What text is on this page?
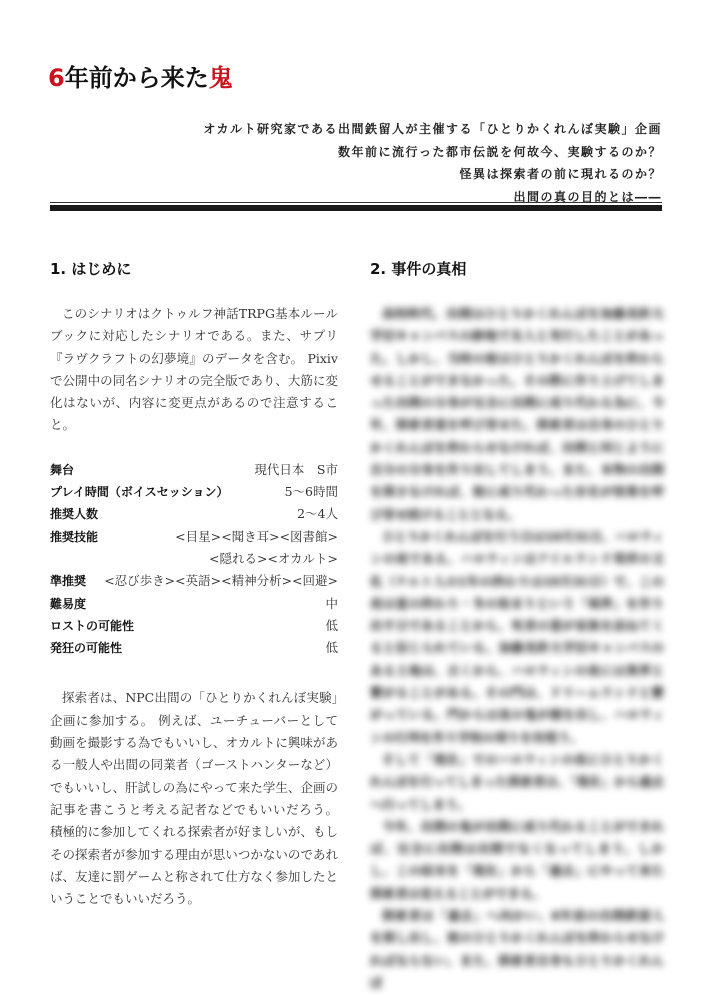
6年前から来た鬼
オカルト研究家である出間鉄留人が主催する「ひとりかくれんぼ実験」企画
数年前に流行った都市伝説を何故今、実験するのか？
怪異は探索者の前に現れるのか？
出間の真の目的とは――
1. はじめに

このシナリオはクトゥルフ神話TRPG基本ルールブックに対応したシナリオである。また、サプリ『ラヴクラフトの幻夢境』のデータを含む。 Pixivで公開中の同名シナリオの完全版であり、大筋に変化はないが、内容に変更点があるので注意すること。

舞台	現代日本　S市
プレイ時間（ボイスセッション）	5〜6時間
推奨人数	2〜4人
推奨技能	<目星><聞き耳><図書館>
<隠れる><オカルト>
準推奨 <忍び歩き><英語><精神分析><回避>
難易度	中
ロストの可能性	低
発狂の可能性	低

探索者は、NPC出間の「ひとりかくれんぼ実験」企画に参加する。 例えば、ユーチューバーとして動画を撮影する為でもいいし、オカルトに興味がある一般人や出間の同業者（ゴーストハンターなど）でもいいし、肝試しの為にやって来た学生、企画の記事を書こうと考える記者などでもいいだろう。 積極的に参加してくれる探索者が好ましいが、もしその探索者が参加する理由が思いつかないのであれば、友達に罰ゲームと称されて仕方なく参加したということでもいいだろう。

2. 事件の真相

高校時代、出間はひとりかくれんぼを加藤美鈴大学旧キャンパスの跡地で友人と実行したことがあった。しかし、当時の彼はひとりかくれんぼを終わらせることができなかった。その際に作り上げてしまった出間の分身が完全に出間に成り代わる為に、今年、探索者達を呼び寄せた。探索者は自身のひとりかくれんぼを終わらせなければ、出間と同じように自分の分身を作り出してしまう。また、本物の出間を探さなければ、彼に成り代わった存在が怪異を呼び寄せ続けることとなる。

ひとりかくれんぼを行う日は10月31日、ハロウィンの夜である。ハロウィンはアイルランド発祥の文化（ケルト人の1年の終わりは10月31日）で、この夜は夏の終わり・冬の始まりという「境界」を作り出す日であることから、死者の霊が家族を訪ねてくると信じられている。加藤美鈴大学旧キャンパスのある土地は、古くから、ハロウィンの夜には異界と繋がることがある。その門は、ドリームランドと繋がっている。門からは夜の鬼が顔を出し、ハロウィンの行列を作り学校の周りを彷徨う。

そして「現在」でのハロウィンの夜にひとりかくれんぼを行ってしまった探索者は、「現在」から過去へ行ってしまう。

今年、出間の鬼が出間に成り代わることができれば、完全に出間は出間でなくなってしまう。しかし、この結末を「現在」から「過去」にやって来た探索者は変えることができる。

探索者は「過去」へ向かい、6年前の出間鉄留人を探し出し、彼のひとりかくれんぼを終わらせなければならない。また、探索者自身もひとりかくれんぼ
